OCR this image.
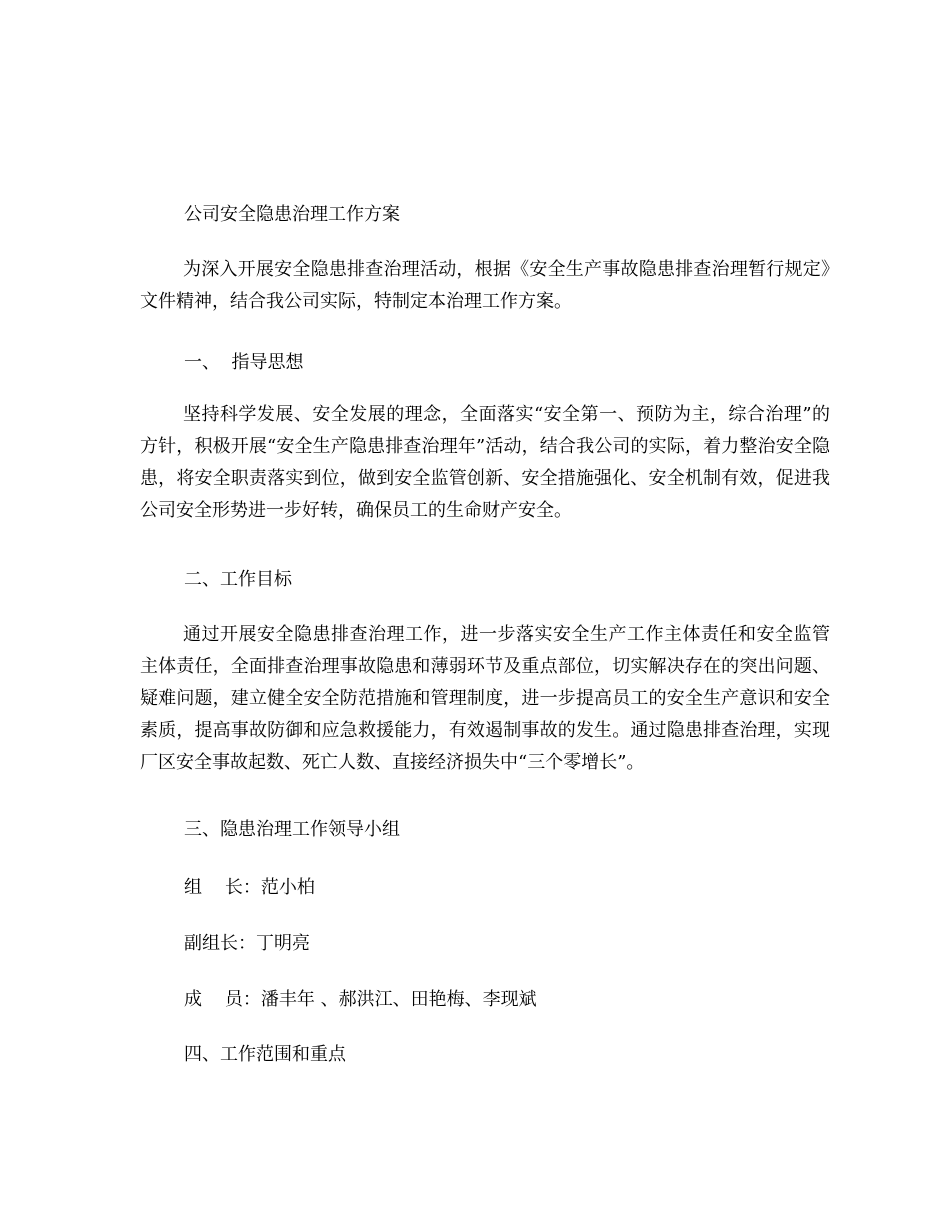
公司安全隐患治理工作方案

为深入开展安全隐患排查治理活动，根据《安全生产事故隐患排查治理暂行规定》文件精神，结合我公司实际，特制定本治理工作方案。

一、  指导思想

坚持科学发展、安全发展的理念，全面落实“安全第一、预防为主，综合治理”的方针，积极开展“安全生产隐患排查治理年”活动，结合我公司的实际，着力整治安全隐患，将安全职责落实到位，做到安全监管创新、安全措施强化、安全机制有效，促进我公司安全形势进一步好转，确保员工的生命财产安全。

二、工作目标

通过开展安全隐患排查治理工作，进一步落实安全生产工作主体责任和安全监管主体责任，全面排查治理事故隐患和薄弱环节及重点部位，切实解决存在的突出问题、疑难问题，建立健全安全防范措施和管理制度，进一步提高员工的安全生产意识和安全素质，提高事故防御和应急救援能力，有效遏制事故的发生。通过隐患排查治理，实现厂区安全事故起数、死亡人数、直接经济损失中“三个零增长”。

三、隐患治理工作领导小组

组    长：范小柏

副组长：丁明亮

成    员：潘丰年 、郝洪江、田艳梅、李现斌

四、工作范围和重点
